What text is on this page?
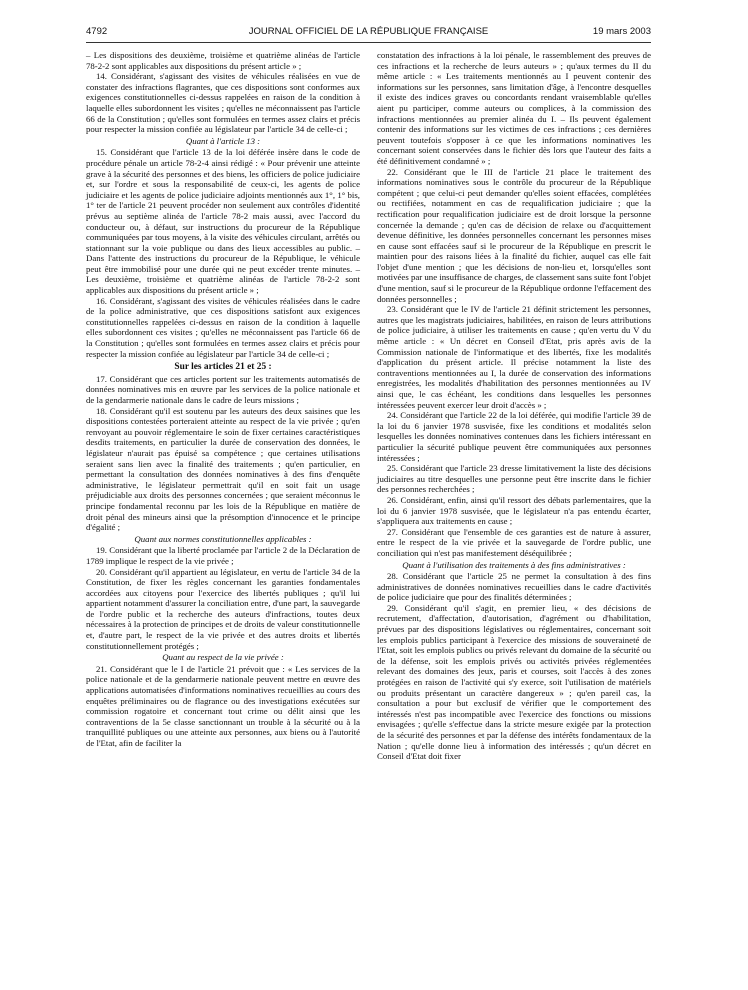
4792	JOURNAL OFFICIEL DE LA RÉPUBLIQUE FRANÇAISE	19 mars 2003

– Les dispositions des deuxième, troisième et quatrième alinéas de l'article 78-2-2 sont applicables aux dispositions du présent article » ;

14. Considérant, s'agissant des visites de véhicules réalisées en vue de constater des infractions flagrantes, que ces dispositions sont conformes aux exigences constitutionnelles ci-dessus rappelées en raison de la condition à laquelle elles subordonnent les visites ; qu'elles ne méconnaissent pas l'article 66 de la Constitution ; qu'elles sont formulées en termes assez clairs et précis pour respecter la mission confiée au législateur par l'article 34 de celle-ci ;

Quant à l'article 13 :

15. Considérant que l'article 13 de la loi déférée insère dans le code de procédure pénale un article 78-2-4 ainsi rédigé : « Pour prévenir une atteinte grave à la sécurité des personnes et des biens, les officiers de police judiciaire et, sur l'ordre et sous la responsabilité de ceux-ci, les agents de police judiciaire et les agents de police judiciaire adjoints mentionnés aux 1°, 1° bis, 1° ter de l'article 21 peuvent procéder non seulement aux contrôles d'identité prévus au septième alinéa de l'article 78-2 mais aussi, avec l'accord du conducteur ou, à défaut, sur instructions du procureur de la République communiquées par tous moyens, à la visite des véhicules circulant, arrêtés ou stationnant sur la voie publique ou dans des lieux accessibles au public. – Dans l'attente des instructions du procureur de la République, le véhicule peut être immobilisé pour une durée qui ne peut excéder trente minutes. – Les deuxième, troisième et quatrième alinéas de l'article 78-2-2 sont applicables aux dispositions du présent article » ;

16. Considérant, s'agissant des visites de véhicules réalisées dans le cadre de la police administrative, que ces dispositions satisfont aux exigences constitutionnelles rappelées ci-dessus en raison de la condition à laquelle elles subordonnent ces visites ; qu'elles ne méconnaissent pas l'article 66 de la Constitution ; qu'elles sont formulées en termes assez clairs et précis pour respecter la mission confiée au législateur par l'article 34 de celle-ci ;

Sur les articles 21 et 25 :

17. Considérant que ces articles portent sur les traitements automatisés de données nominatives mis en œuvre par les services de la police nationale et de la gendarmerie nationale dans le cadre de leurs missions ;

18. Considérant qu'il est soutenu par les auteurs des deux saisines que les dispositions contestées porteraient atteinte au respect de la vie privée ; qu'en renvoyant au pouvoir réglementaire le soin de fixer certaines caractéristiques desdits traitements, en particulier la durée de conservation des données, le législateur n'aurait pas épuisé sa compétence ; que certaines utilisations seraient sans lien avec la finalité des traitements ; qu'en particulier, en permettant la consultation des données nominatives à des fins d'enquête administrative, le législateur permettrait qu'il en soit fait un usage préjudiciable aux droits des personnes concernées ; que seraient méconnus le principe fondamental reconnu par les lois de la République en matière de droit pénal des mineurs ainsi que la présomption d'innocence et le principe d'égalité ;

Quant aux normes constitutionnelles applicables :

19. Considérant que la liberté proclamée par l'article 2 de la Déclaration de 1789 implique le respect de la vie privée ;

20. Considérant qu'il appartient au législateur, en vertu de l'article 34 de la Constitution, de fixer les règles concernant les garanties fondamentales accordées aux citoyens pour l'exercice des libertés publiques ; qu'il lui appartient notamment d'assurer la conciliation entre, d'une part, la sauvegarde de l'ordre public et la recherche des auteurs d'infractions, toutes deux nécessaires à la protection de principes et de droits de valeur constitutionnelle et, d'autre part, le respect de la vie privée et des autres droits et libertés constitutionnellement protégés ;

Quant au respect de la vie privée :

21. Considérant que le I de l'article 21 prévoit que : « Les services de la police nationale et de la gendarmerie nationale peuvent mettre en œuvre des applications automatisées d'informations nominatives recueillies au cours des enquêtes préliminaires ou de flagrance ou des investigations exécutées sur commission rogatoire et concernant tout crime ou délit ainsi que les contraventions de la 5e classe sanctionnant un trouble à la sécurité ou à la tranquillité publiques ou une atteinte aux personnes, aux biens ou à l'autorité de l'Etat, afin de faciliter la

constatation des infractions à la loi pénale, le rassemblement des preuves de ces infractions et la recherche de leurs auteurs » ; qu'aux termes du II du même article : « Les traitements mentionnés au I peuvent contenir des informations sur les personnes, sans limitation d'âge, à l'encontre desquelles il existe des indices graves ou concordants rendant vraisemblable qu'elles aient pu participer, comme auteurs ou complices, à la commission des infractions mentionnées au premier alinéa du I. – Ils peuvent également contenir des informations sur les victimes de ces infractions ; ces dernières peuvent toutefois s'opposer à ce que les informations nominatives les concernant soient conservées dans le fichier dès lors que l'auteur des faits a été définitivement condamné » ;

22. Considérant que le III de l'article 21 place le traitement des informations nominatives sous le contrôle du procureur de la République compétent ; que celui-ci peut demander qu'elles soient effacées, complétées ou rectifiées, notamment en cas de requalification judiciaire ; que la rectification pour requalification judiciaire est de droit lorsque la personne concernée la demande ; qu'en cas de décision de relaxe ou d'acquittement devenue définitive, les données personnelles concernant les personnes mises en cause sont effacées sauf si le procureur de la République en prescrit le maintien pour des raisons liées à la finalité du fichier, auquel cas elle fait l'objet d'une mention ; que les décisions de non-lieu et, lorsqu'elles sont motivées par une insuffisance de charges, de classement sans suite font l'objet d'une mention, sauf si le procureur de la République ordonne l'effacement des données personnelles ;

23. Considérant que le IV de l'article 21 définit strictement les personnes, autres que les magistrats judiciaires, habilitées, en raison de leurs attributions de police judiciaire, à utiliser les traitements en cause ; qu'en vertu du V du même article : « Un décret en Conseil d'Etat, pris après avis de la Commission nationale de l'informatique et des libertés, fixe les modalités d'application du présent article. Il précise notamment la liste des contraventions mentionnées au I, la durée de conservation des informations enregistrées, les modalités d'habilitation des personnes mentionnées au IV ainsi que, le cas échéant, les conditions dans lesquelles les personnes intéressées peuvent exercer leur droit d'accès » ;

24. Considérant que l'article 22 de la loi déférée, qui modifie l'article 39 de la loi du 6 janvier 1978 susvisée, fixe les conditions et modalités selon lesquelles les données nominatives contenues dans les fichiers intéressant en particulier la sécurité publique peuvent être communiquées aux personnes intéressées ;

25. Considérant que l'article 23 dresse limitativement la liste des décisions judiciaires au titre desquelles une personne peut être inscrite dans le fichier des personnes recherchées ;

26. Considérant, enfin, ainsi qu'il ressort des débats parlementaires, que la loi du 6 janvier 1978 susvisée, que le législateur n'a pas entendu écarter, s'appliquera aux traitements en cause ;

27. Considérant que l'ensemble de ces garanties est de nature à assurer, entre le respect de la vie privée et la sauvegarde de l'ordre public, une conciliation qui n'est pas manifestement déséquilibrée ;

Quant à l'utilisation des traitements à des fins administratives :

28. Considérant que l'article 25 ne permet la consultation à des fins administratives de données nominatives recueillies dans le cadre d'activités de police judiciaire que pour des finalités déterminées ;

29. Considérant qu'il s'agit, en premier lieu, « des décisions de recrutement, d'affectation, d'autorisation, d'agrément ou d'habilitation, prévues par des dispositions législatives ou réglementaires, concernant soit les emplois publics participant à l'exercice des missions de souveraineté de l'Etat, soit les emplois publics ou privés relevant du domaine de la sécurité ou de la défense, soit les emplois privés ou activités privées réglementées relevant des domaines des jeux, paris et courses, soit l'accès à des zones protégées en raison de l'activité qui s'y exerce, soit l'utilisation de matériels ou produits présentant un caractère dangereux » ; qu'en pareil cas, la consultation a pour but exclusif de vérifier que le comportement des intéressés n'est pas incompatible avec l'exercice des fonctions ou missions envisagées ; qu'elle s'effectue dans la stricte mesure exigée par la protection de la sécurité des personnes et par la défense des intérêts fondamentaux de la Nation ; qu'elle donne lieu à information des intéressés ; qu'un décret en Conseil d'Etat doit fixer
